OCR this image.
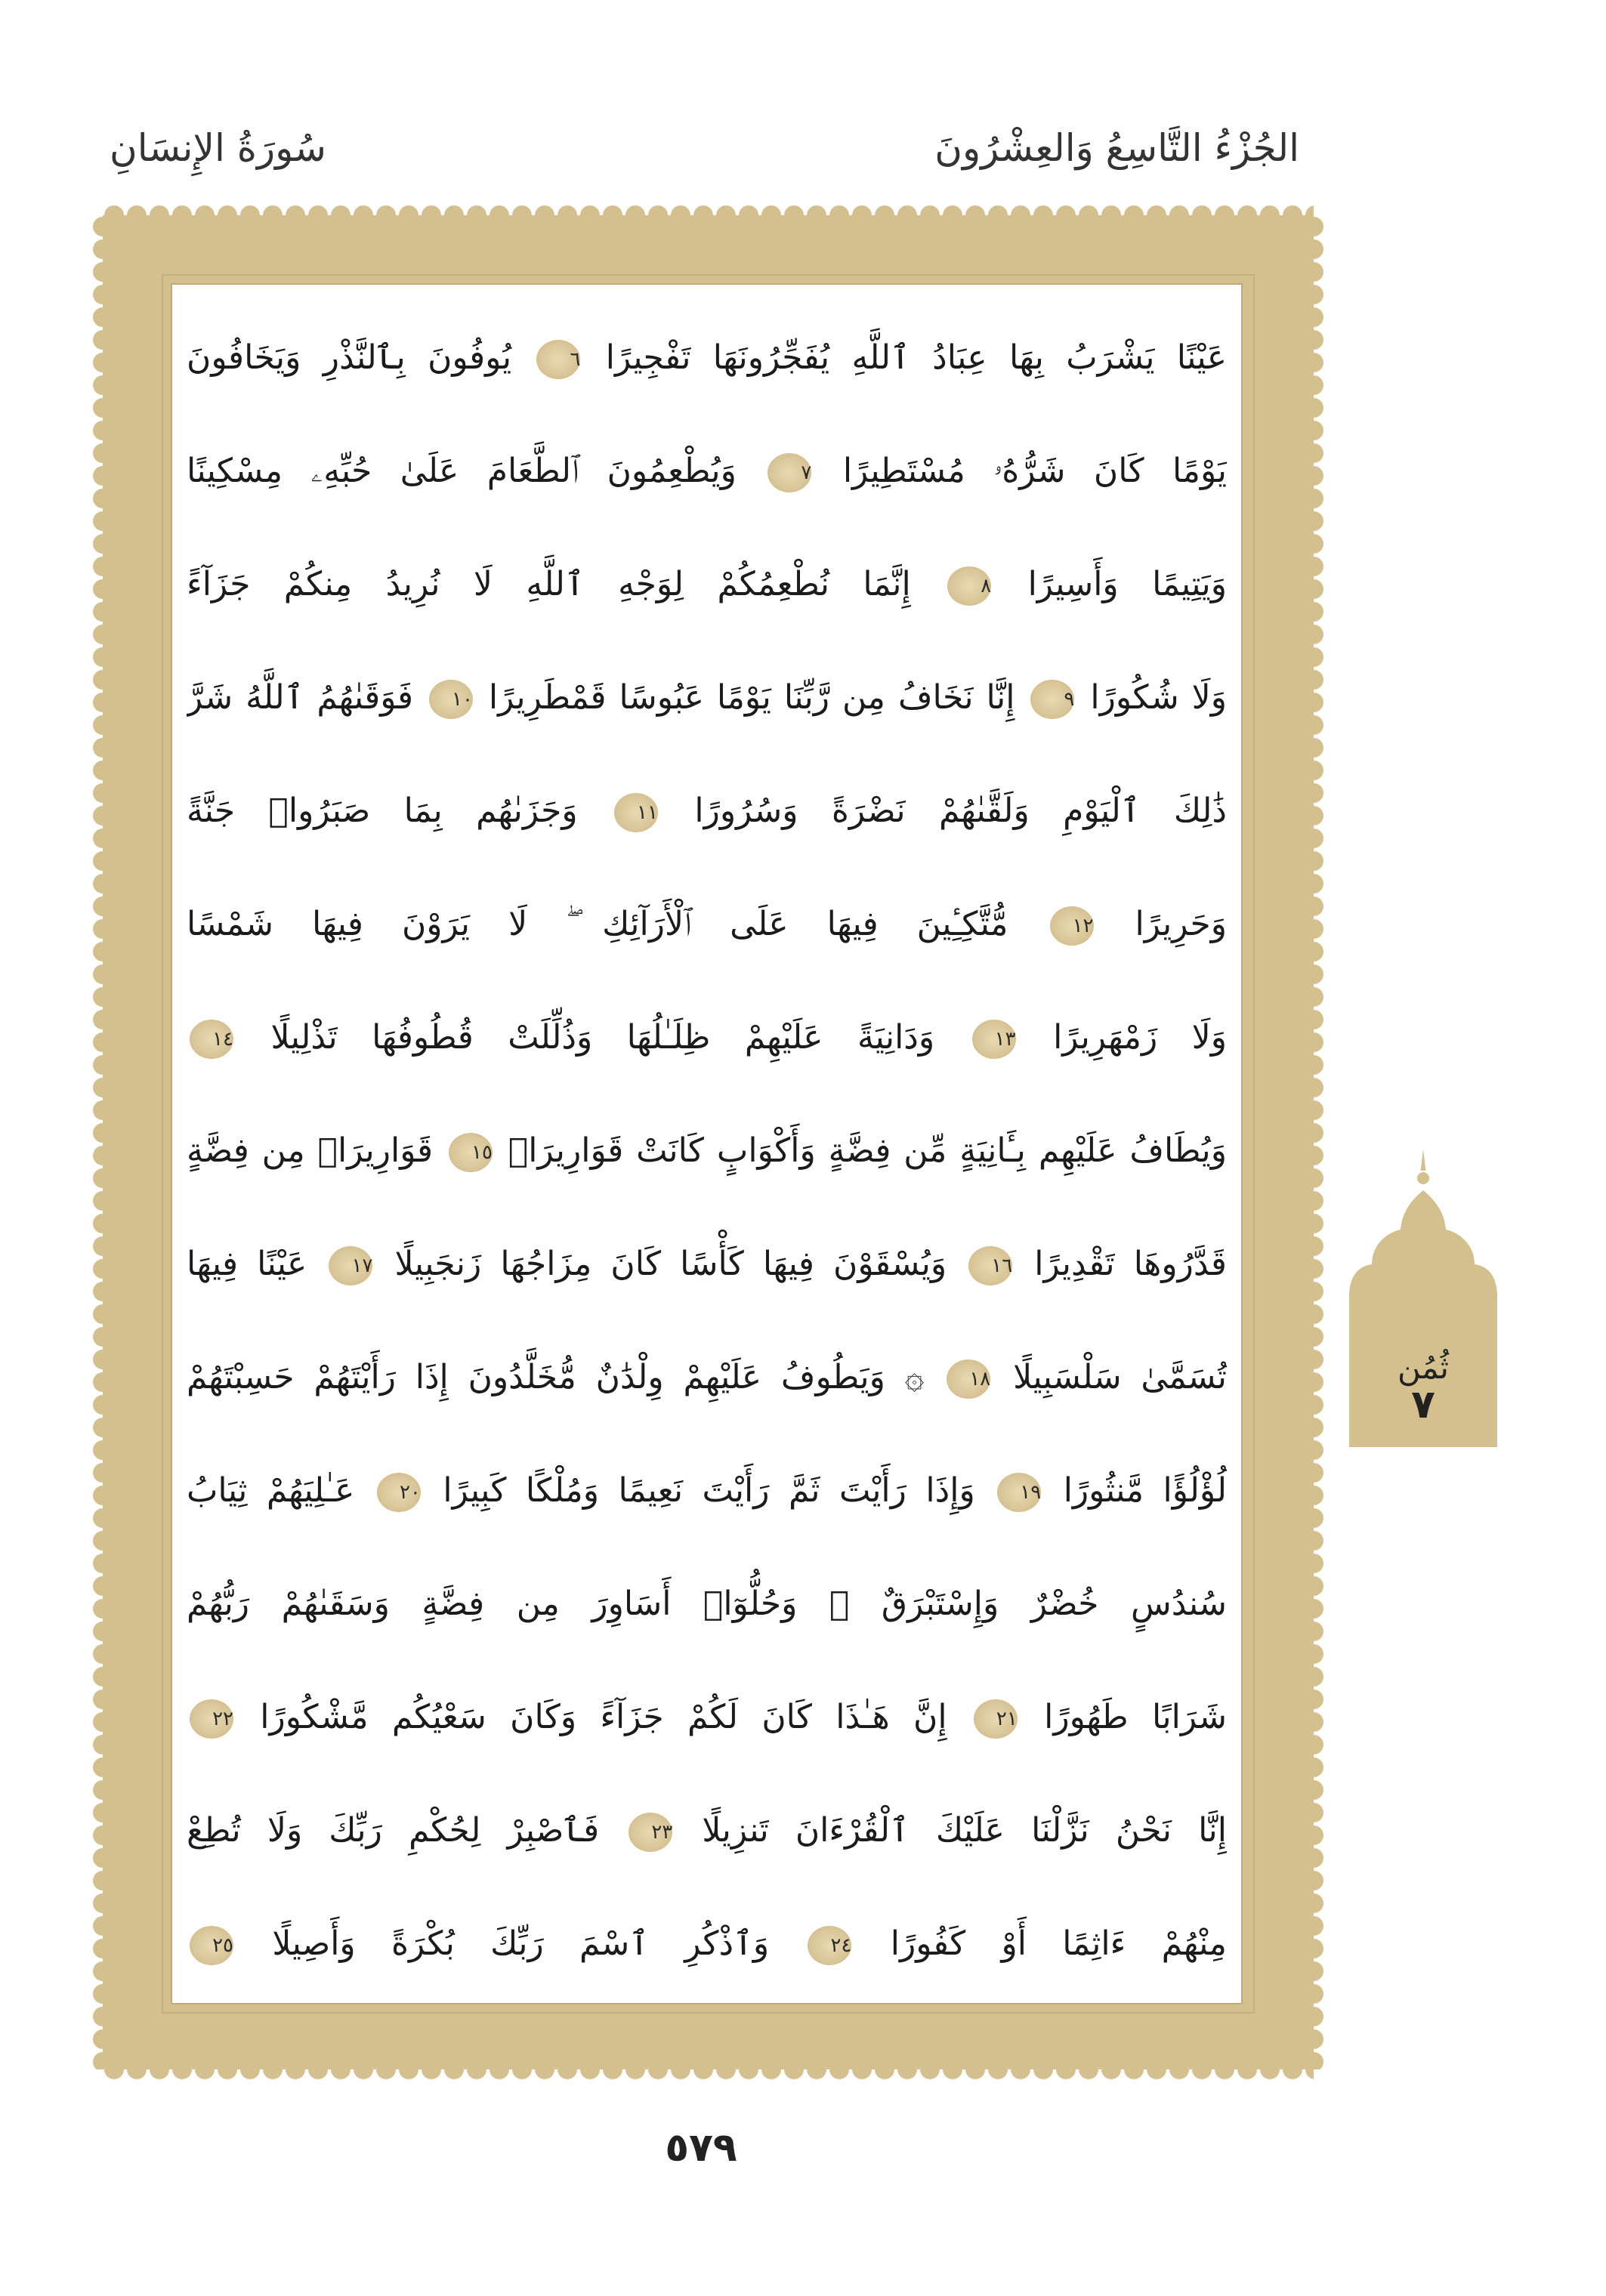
الجُزْءُ التَّاسِعُ وَالعِشْرُونَ
سُورَةُ الإِنسَانِ
عَيْنًا يَشْرَبُ بِهَا عِبَادُ ٱللَّهِ يُفَجِّرُونَهَا تَفْجِيرًا ٦ يُوفُونَ بِٱلنَّذْرِ وَيَخَافُونَ
يَوْمًا كَانَ شَرُّهُۥ مُسْتَطِيرًا ٧ وَيُطْعِمُونَ ٱلطَّعَامَ عَلَىٰ حُبِّهِۦ مِسْكِينًا
وَيَتِيمًا وَأَسِيرًا ٨ إِنَّمَا نُطْعِمُكُمْ لِوَجْهِ ٱللَّهِ لَا نُرِيدُ مِنكُمْ جَزَآءً
وَلَا شُكُورًا ٩ إِنَّا نَخَافُ مِن رَّبِّنَا يَوْمًا عَبُوسًا قَمْطَرِيرًا ١٠ فَوَقَىٰهُمُ ٱللَّهُ شَرَّ
ذَٰلِكَ ٱلْيَوْمِ وَلَقَّىٰهُمْ نَضْرَةً وَسُرُورًا ١١ وَجَزَىٰهُم بِمَا صَبَرُوا۟ جَنَّةً
وَحَرِيرًا ١٢ مُّتَّكِـِٔينَ فِيهَا عَلَى ٱلْأَرَآئِكِ ۖ لَا يَرَوْنَ فِيهَا شَمْسًا
وَلَا زَمْهَرِيرًا ١٣ وَدَانِيَةً عَلَيْهِمْ ظِلَـٰلُهَا وَذُلِّلَتْ قُطُوفُهَا تَذْلِيلًا ١٤
وَيُطَافُ عَلَيْهِم بِـَٔانِيَةٍ مِّن فِضَّةٍ وَأَكْوَابٍ كَانَتْ قَوَارِيرَا۠ ١٥ قَوَارِيرَا۟ مِن فِضَّةٍ
قَدَّرُوهَا تَقْدِيرًا ١٦ وَيُسْقَوْنَ فِيهَا كَأْسًا كَانَ مِزَاجُهَا زَنجَبِيلًا ١٧ عَيْنًا فِيهَا
تُسَمَّىٰ سَلْسَبِيلًا ١٨ ۞ وَيَطُوفُ عَلَيْهِمْ وِلْدَٰنٌ مُّخَلَّدُونَ إِذَا رَأَيْتَهُمْ حَسِبْتَهُمْ
لُؤْلُؤًا مَّنثُورًا ١٩ وَإِذَا رَأَيْتَ ثَمَّ رَأَيْتَ نَعِيمًا وَمُلْكًا كَبِيرًا ٢٠ عَـٰلِيَهُمْ ثِيَابُ
سُندُسٍ خُضْرٌ وَإِسْتَبْرَقٌ ۖ وَحُلُّوٓا۟ أَسَاوِرَ مِن فِضَّةٍ وَسَقَىٰهُمْ رَبُّهُمْ
شَرَابًا طَهُورًا ٢١ إِنَّ هَـٰذَا كَانَ لَكُمْ جَزَآءً وَكَانَ سَعْيُكُم مَّشْكُورًا ٢٢
إِنَّا نَحْنُ نَزَّلْنَا عَلَيْكَ ٱلْقُرْءَانَ تَنزِيلًا ٢٣ فَٱصْبِرْ لِحُكْمِ رَبِّكَ وَلَا تُطِعْ
مِنْهُمْ ءَاثِمًا أَوْ كَفُورًا ٢٤ وَٱذْكُرِ ٱسْمَ رَبِّكَ بُكْرَةً وَأَصِيلًا ٢٥
٥٧٩
ثُمُن
٧
